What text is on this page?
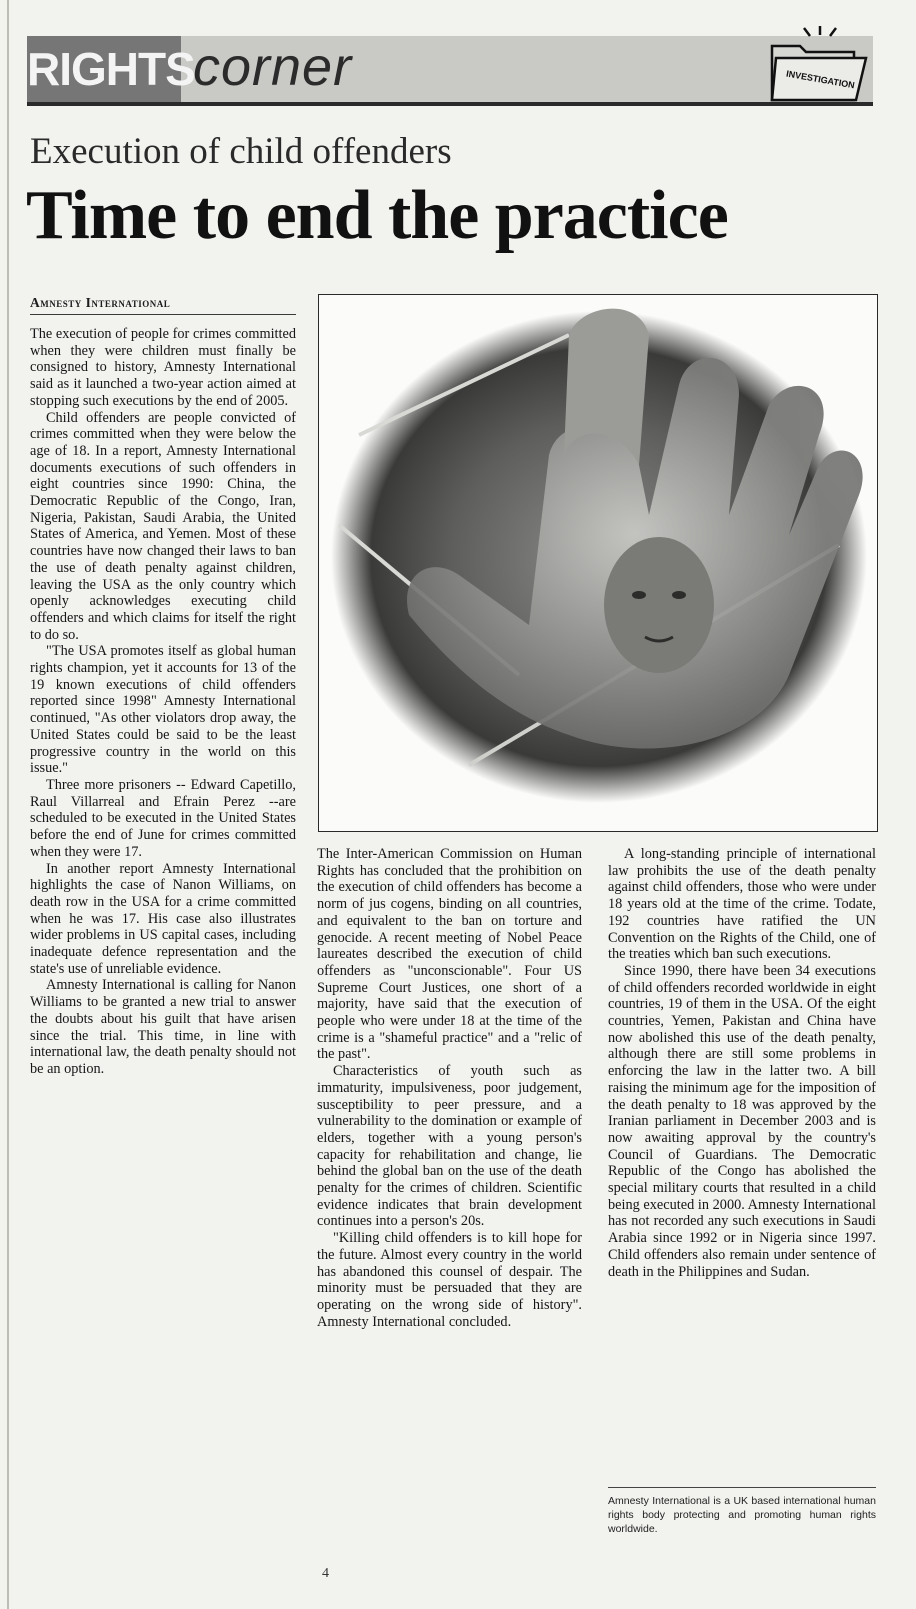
RIGHTS
corner	INVESTIGATION
Execution of child offenders
Time to end the practice
Amnesty International

The execution of people for crimes committed when they were children must finally be consigned to history, Amnesty International said as it launched a two-year action aimed at stopping such executions by the end of 2005.

Child offenders are people convicted of crimes committed when they were below the age of 18. In a report, Amnesty International documents executions of such offenders in eight countries since 1990: China, the Democratic Republic of the Congo, Iran, Nigeria, Pakistan, Saudi Arabia, the United States of America, and Yemen. Most of these countries have now changed their laws to ban the use of death penalty against children, leaving the USA as the only country which openly acknowledges executing child offenders and which claims for itself the right to do so.

"The USA promotes itself as global human rights champion, yet it accounts for 13 of the 19 known executions of child offenders reported since 1998" Amnesty International continued, "As other violators drop away, the United States could be said to be the least progressive country in the world on this issue."

Three more prisoners -- Edward Capetillo, Raul Villarreal and Efrain Perez --are scheduled to be executed in the United States before the end of June for crimes committed when they were 17.

In another report Amnesty International highlights the case of Nanon Williams, on death row in the USA for a crime committed when he was 17. His case also illustrates wider problems in US capital cases, including inadequate defence representation and the state's use of unreliable evidence.

Amnesty International is calling for Nanon Williams to be granted a new trial to answer the doubts about his guilt that have arisen since the trial. This time, in line with international law, the death penalty should not be an option.

The Inter-American Commission on Human Rights has concluded that the prohibition on the execution of child offenders has become a norm of jus cogens, binding on all countries, and equivalent to the ban on torture and genocide. A recent meeting of Nobel Peace laureates described the execution of child offenders as "unconscionable". Four US Supreme Court Justices, one short of a majority, have said that the execution of people who were under 18 at the time of the crime is a "shameful practice" and a "relic of the past".

Characteristics of youth such as immaturity, impulsiveness, poor judgement, susceptibility to peer pressure, and a vulnerability to the domination or example of elders, together with a young person's capacity for rehabilitation and change, lie behind the global ban on the use of the death penalty for the crimes of children. Scientific evidence indicates that brain development continues into a person's 20s.

"Killing child offenders is to kill hope for the future. Almost every country in the world has abandoned this counsel of despair. The minority must be persuaded that they are operating on the wrong side of history". Amnesty International concluded.

A long-standing principle of international law prohibits the use of the death penalty against child offenders, those who were under 18 years old at the time of the crime. Todate, 192 countries have ratified the UN Convention on the Rights of the Child, one of the treaties which ban such executions.

Since 1990, there have been 34 executions of child offenders recorded worldwide in eight countries, 19 of them in the USA. Of the eight countries, Yemen, Pakistan and China have now abolished this use of the death penalty, although there are still some problems in enforcing the law in the latter two. A bill raising the minimum age for the imposition of the death penalty to 18 was approved by the Iranian parliament in December 2003 and is now awaiting approval by the country's Council of Guardians. The Democratic Republic of the Congo has abolished the special military courts that resulted in a child being executed in 2000. Amnesty International has not recorded any such executions in Saudi Arabia since 1992 or in Nigeria since 1997. Child offenders also remain under sentence of death in the Philippines and Sudan.

Amnesty International is a UK based international human rights body protecting and promoting human rights worldwide.
4
